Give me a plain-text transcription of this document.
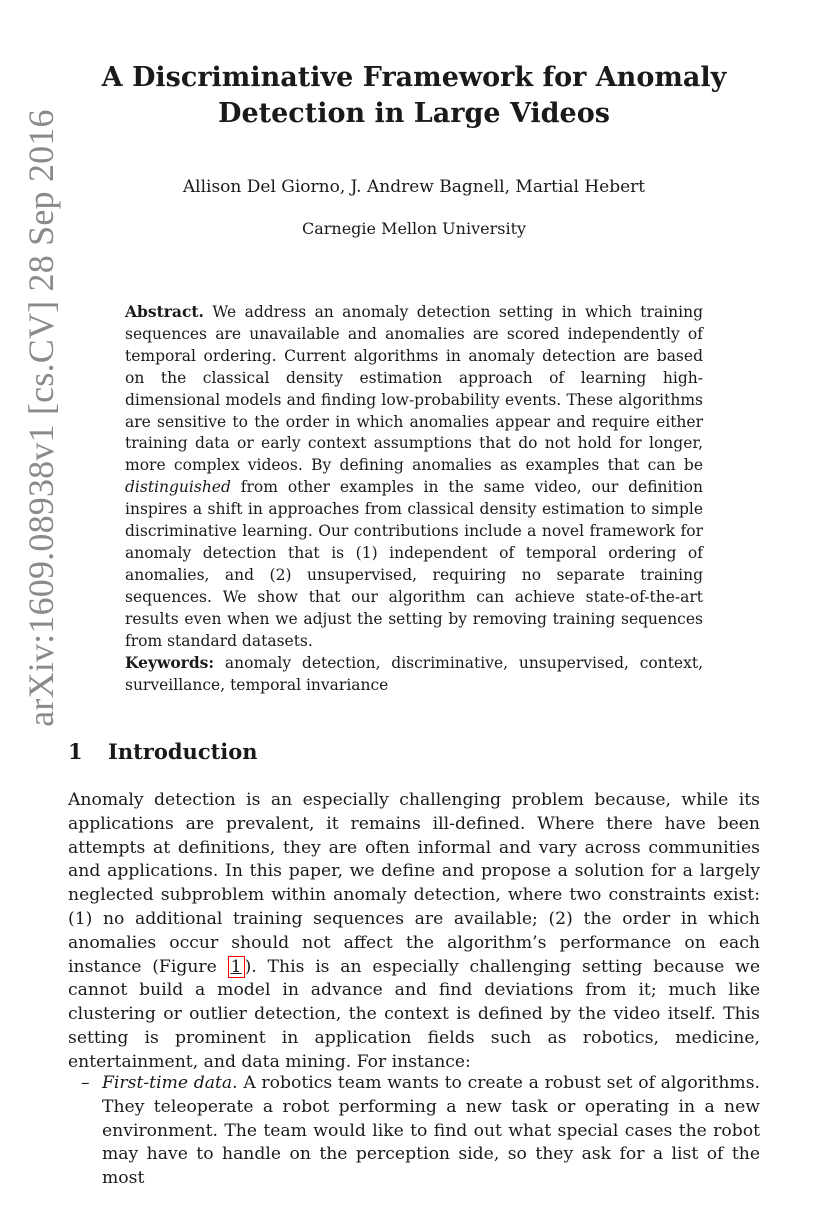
arXiv:1609.08938v1 [cs.CV] 28 Sep 2016
A Discriminative Framework for Anomaly Detection in Large Videos
Allison Del Giorno, J. Andrew Bagnell, Martial Hebert
Carnegie Mellon University

Abstract. We address an anomaly detection setting in which training sequences are unavailable and anomalies are scored independently of temporal ordering. Current algorithms in anomaly detection are based on the classical density estimation approach of learning high-dimensional models and finding low-probability events. These algorithms are sensitive to the order in which anomalies appear and require either training data or early context assumptions that do not hold for longer, more complex videos. By defining anomalies as examples that can be distinguished from other examples in the same video, our definition inspires a shift in approaches from classical density estimation to simple discriminative learning. Our contributions include a novel framework for anomaly detection that is (1) independent of temporal ordering of anomalies, and (2) unsupervised, requiring no separate training sequences. We show that our algorithm can achieve state-of-the-art results even when we adjust the setting by removing training sequences from standard datasets.

Keywords: anomaly detection, discriminative, unsupervised, context, surveillance, temporal invariance

1 Introduction

Anomaly detection is an especially challenging problem because, while its applications are prevalent, it remains ill-defined. Where there have been attempts at definitions, they are often informal and vary across communities and applications. In this paper, we define and propose a solution for a largely neglected subproblem within anomaly detection, where two constraints exist: (1) no additional training sequences are available; (2) the order in which anomalies occur should not affect the algorithm’s performance on each instance (Figure 1 ). This is an especially challenging setting because we cannot build a model in advance and find deviations from it; much like clustering or outlier detection, the context is defined by the video itself. This setting is prominent in application fields such as robotics, medicine, entertainment, and data mining. For instance:

– First-time data. A robotics team wants to create a robust set of algorithms. They teleoperate a robot performing a new task or operating in a new environment. The team would like to find out what special cases the robot may have to handle on the perception side, so they ask for a list of the most
